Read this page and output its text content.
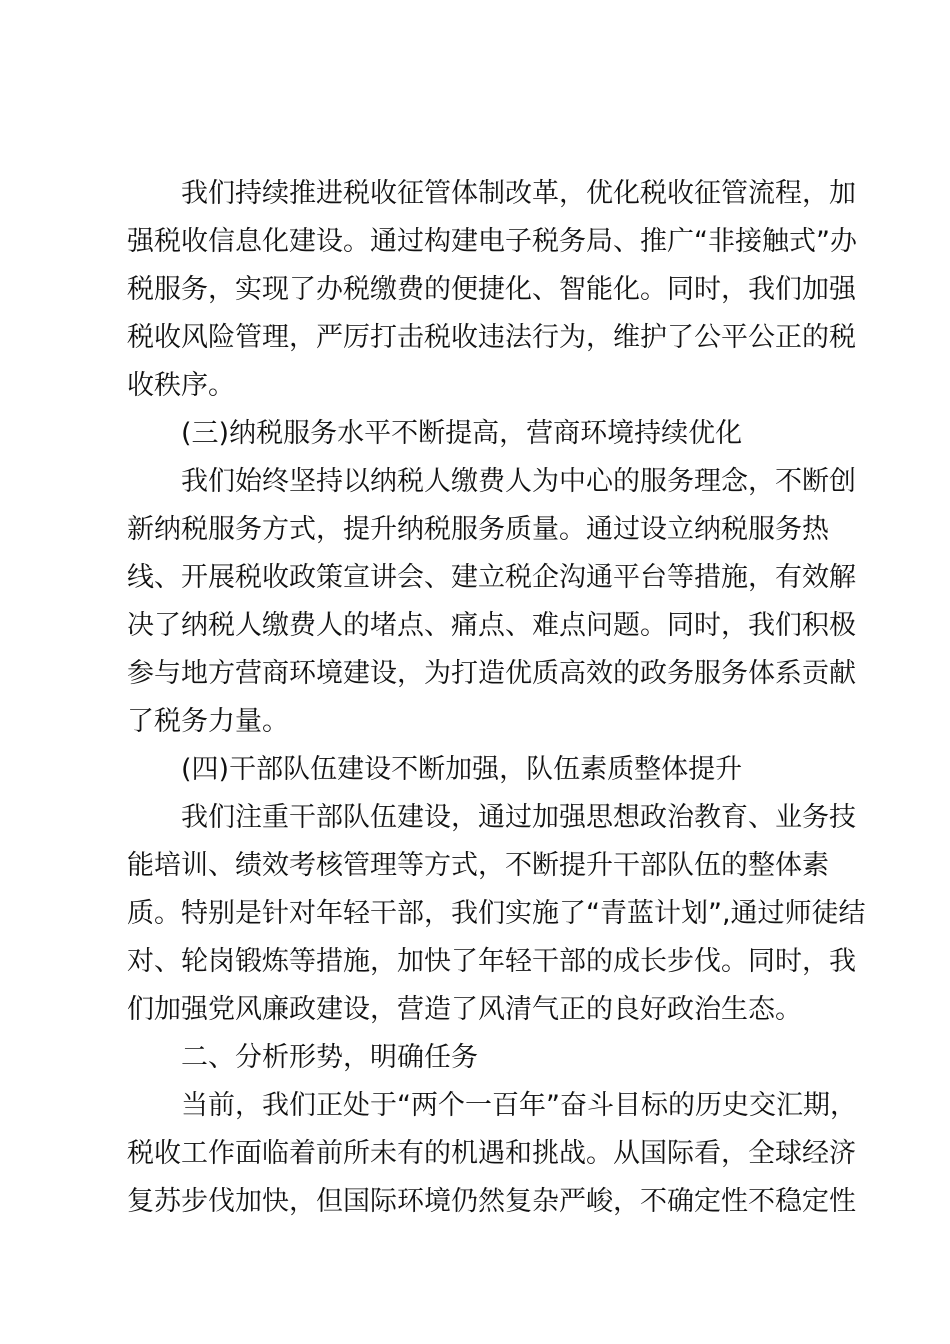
我们持续推进税收征管体制改革，优化税收征管流程，加
强税收信息化建设。通过构建电子税务局、推广“非接触式”办
税服务，实现了办税缴费的便捷化、智能化。同时，我们加强
税收风险管理，严厉打击税收违法行为，维护了公平公正的税
收秩序。
(三)纳税服务水平不断提高，营商环境持续优化
我们始终坚持以纳税人缴费人为中心的服务理念，不断创
新纳税服务方式，提升纳税服务质量。通过设立纳税服务热
线、开展税收政策宣讲会、建立税企沟通平台等措施，有效解
决了纳税人缴费人的堵点、痛点、难点问题。同时，我们积极
参与地方营商环境建设，为打造优质高效的政务服务体系贡献
了税务力量。
(四)干部队伍建设不断加强，队伍素质整体提升
我们注重干部队伍建设，通过加强思想政治教育、业务技
能培训、绩效考核管理等方式，不断提升干部队伍的整体素
质。特别是针对年轻干部，我们实施了“青蓝计划”,通过师徒结
对、轮岗锻炼等措施，加快了年轻干部的成长步伐。同时，我
们加强党风廉政建设，营造了风清气正的良好政治生态。
二、分析形势，明确任务
当前，我们正处于“两个一百年”奋斗目标的历史交汇期，
税收工作面临着前所未有的机遇和挑战。从国际看，全球经济
复苏步伐加快，但国际环境仍然复杂严峻，不确定性不稳定性
